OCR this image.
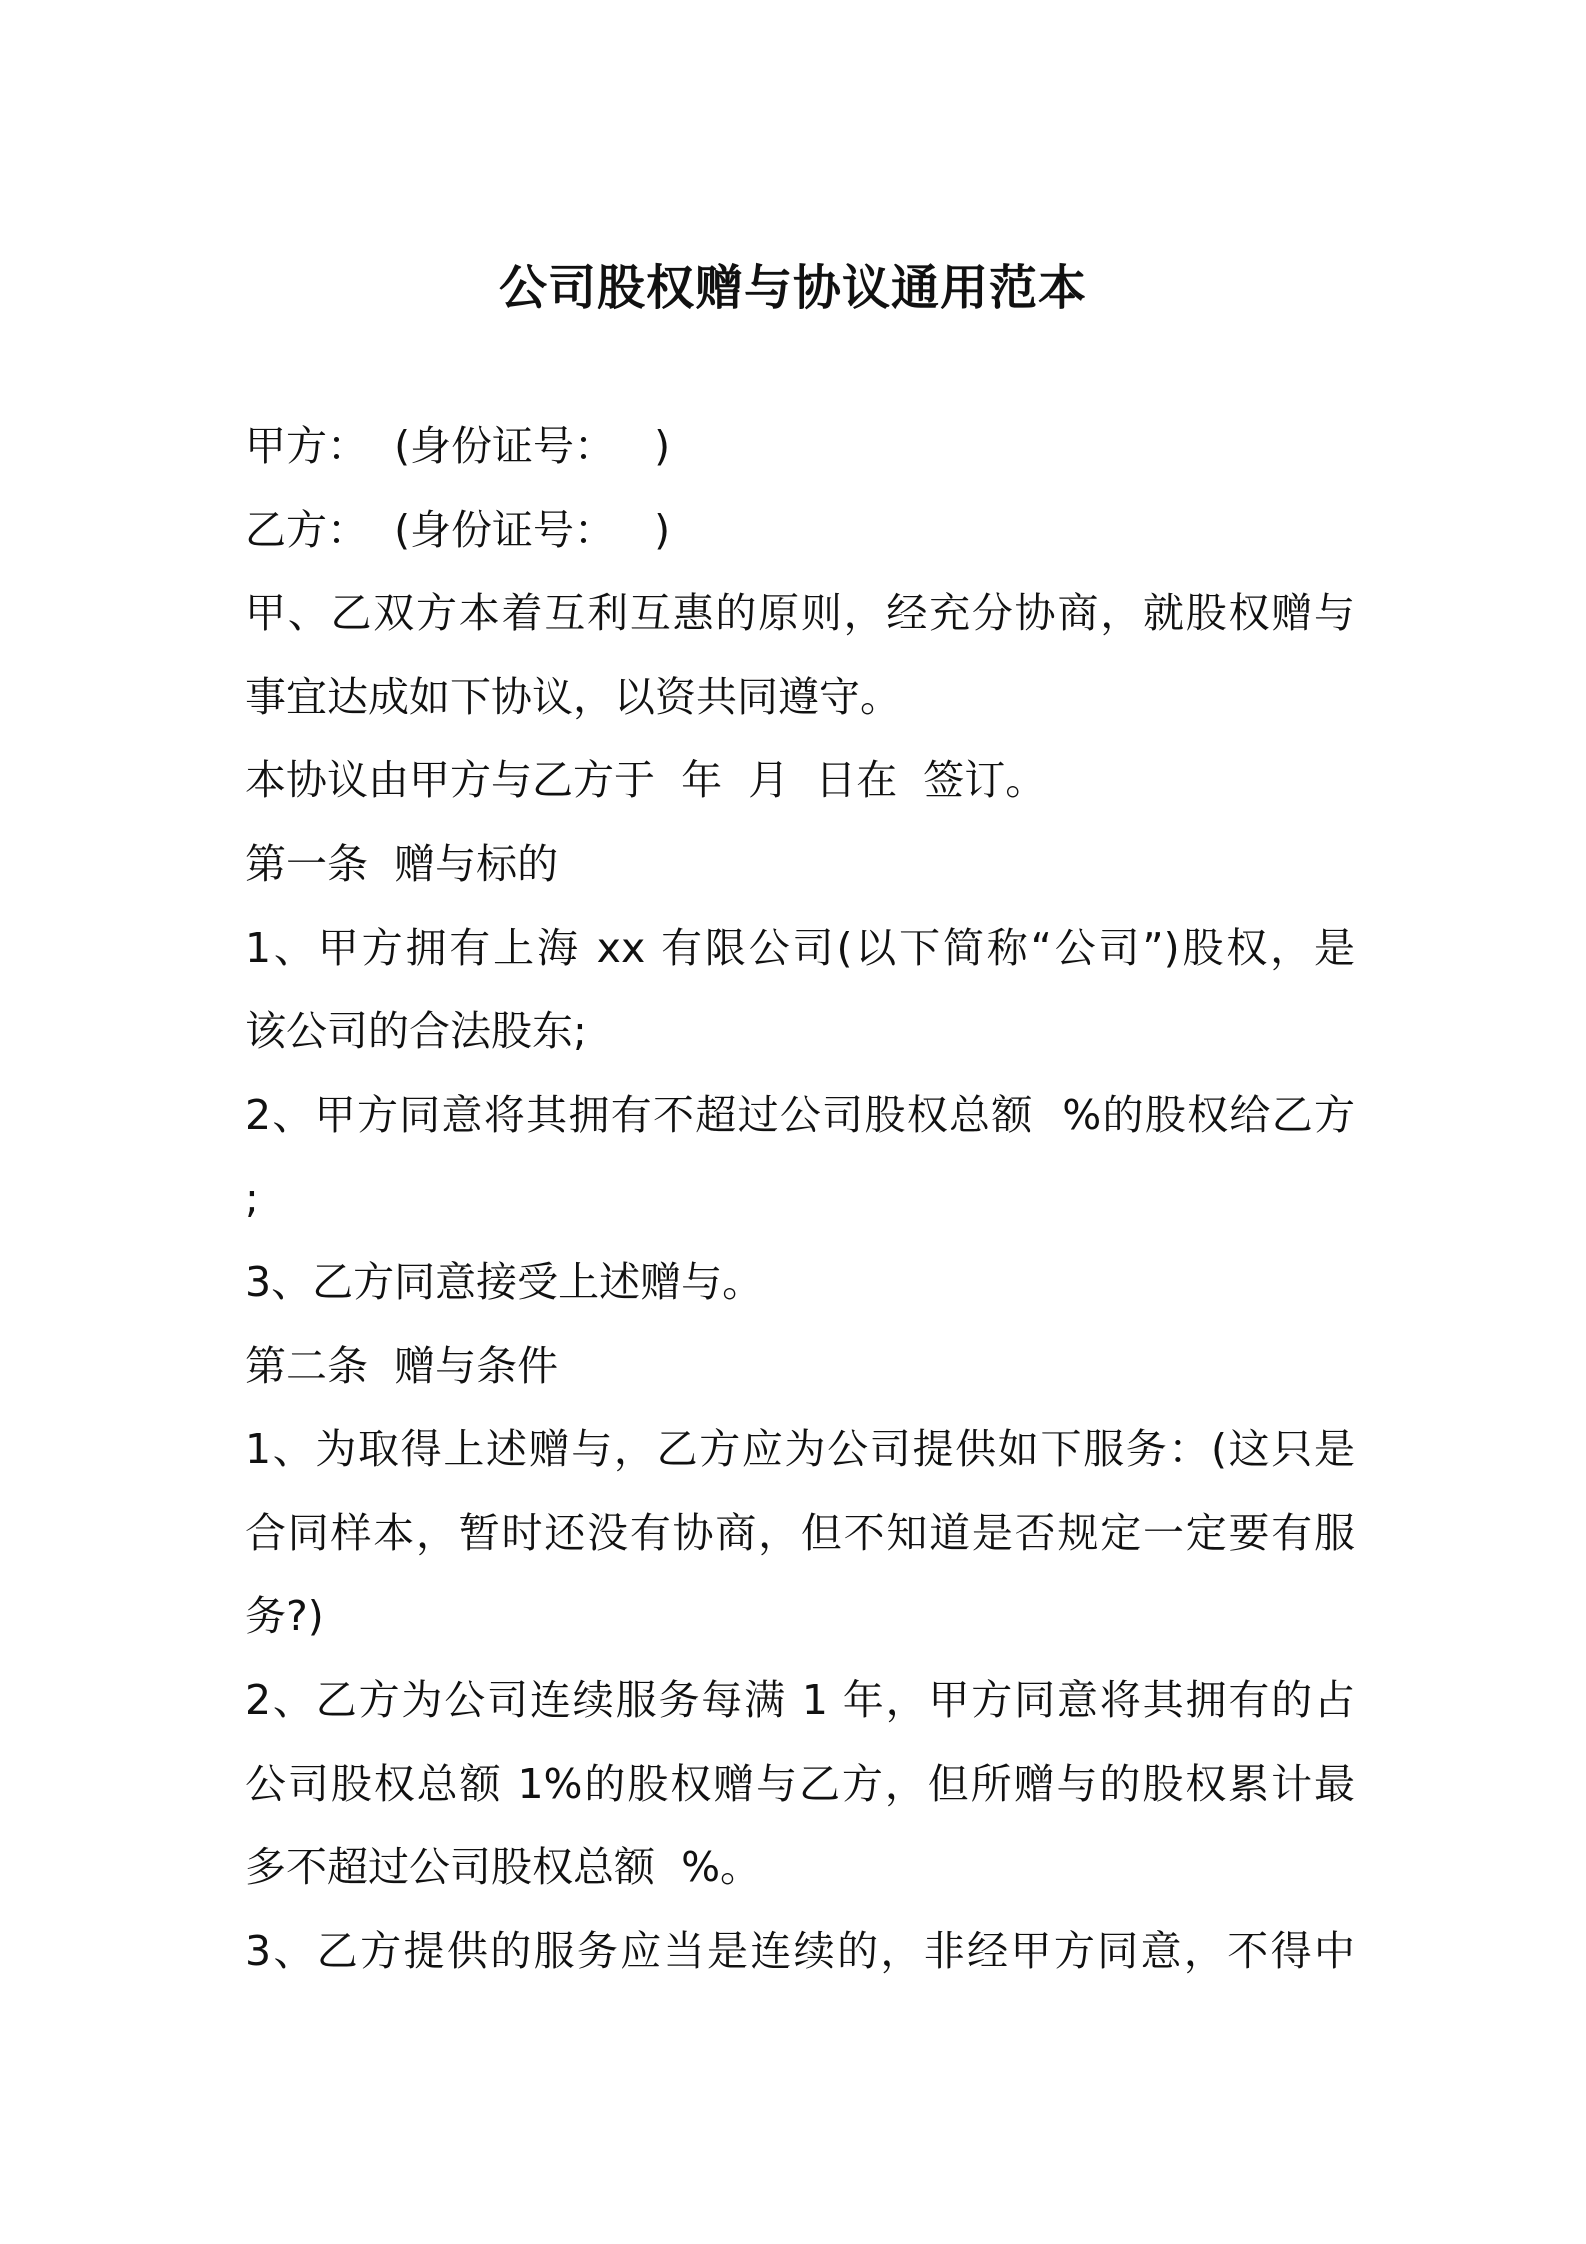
公司股权赠与协议通用范本
甲方：  (身份证号：   )
乙方：  (身份证号：   )
甲、乙双方本着互利互惠的原则，经充分协商，就股权赠与
事宜达成如下协议，以资共同遵守。
本协议由甲方与乙方于  年  月  日在  签订。
第一条  赠与标的
1、甲方拥有上海 xx 有限公司(以下简称“公司”)股权，是
该公司的合法股东;
2、甲方同意将其拥有不超过公司股权总额  %的股权给乙方
;
3、乙方同意接受上述赠与。
第二条  赠与条件
1、为取得上述赠与，乙方应为公司提供如下服务：(这只是
合同样本，暂时还没有协商，但不知道是否规定一定要有服
务?)
2、乙方为公司连续服务每满 1 年，甲方同意将其拥有的占
公司股权总额 1%的股权赠与乙方，但所赠与的股权累计最
多不超过公司股权总额  %。
3、乙方提供的服务应当是连续的，非经甲方同意，不得中
